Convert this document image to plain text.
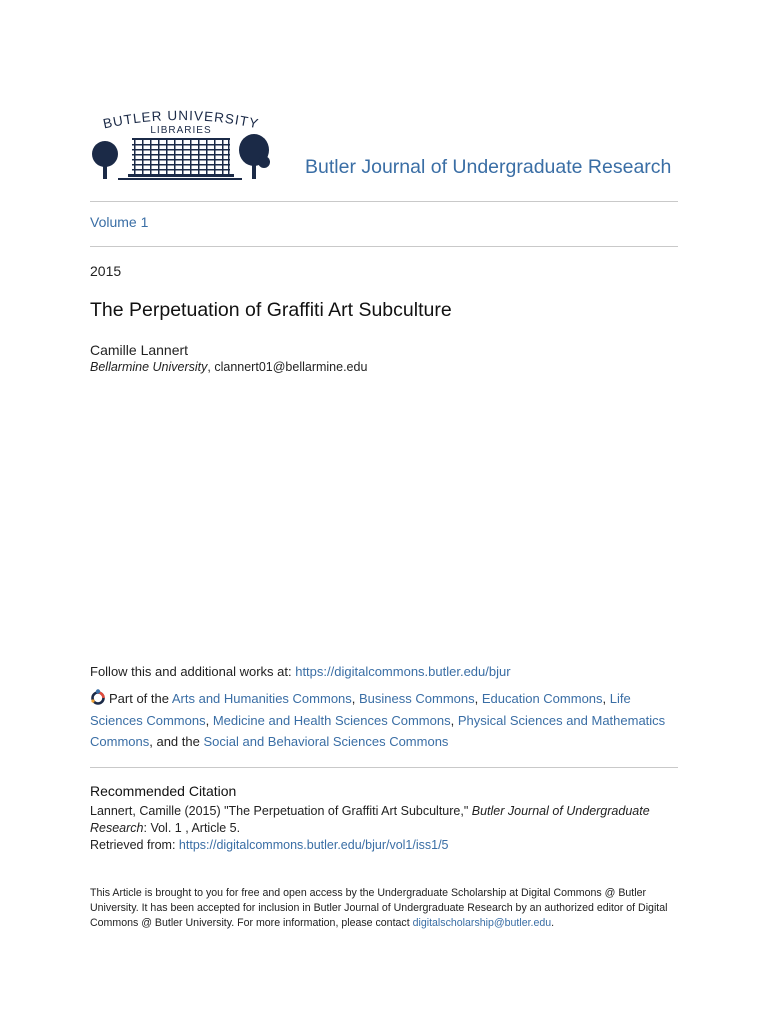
BUTLER UNIVERSITY
LIBRARIES
Butler Journal of Undergraduate Research
Volume 1
2015
The Perpetuation of Graffiti Art Subculture
Camille Lannert
Bellarmine University, clannert01@bellarmine.edu
Follow this and additional works at: https://digitalcommons.butler.edu/bjur
Part of the Arts and Humanities Commons, Business Commons, Education Commons, Life Sciences Commons, Medicine and Health Sciences Commons, Physical Sciences and Mathematics Commons, and the Social and Behavioral Sciences Commons
Recommended Citation
Lannert, Camille (2015) "The Perpetuation of Graffiti Art Subculture," Butler Journal of Undergraduate Research: Vol. 1 , Article 5.
Retrieved from: https://digitalcommons.butler.edu/bjur/vol1/iss1/5
This Article is brought to you for free and open access by the Undergraduate Scholarship at Digital Commons @ Butler University. It has been accepted for inclusion in Butler Journal of Undergraduate Research by an authorized editor of Digital Commons @ Butler University. For more information, please contact digitalscholarship@butler.edu.
